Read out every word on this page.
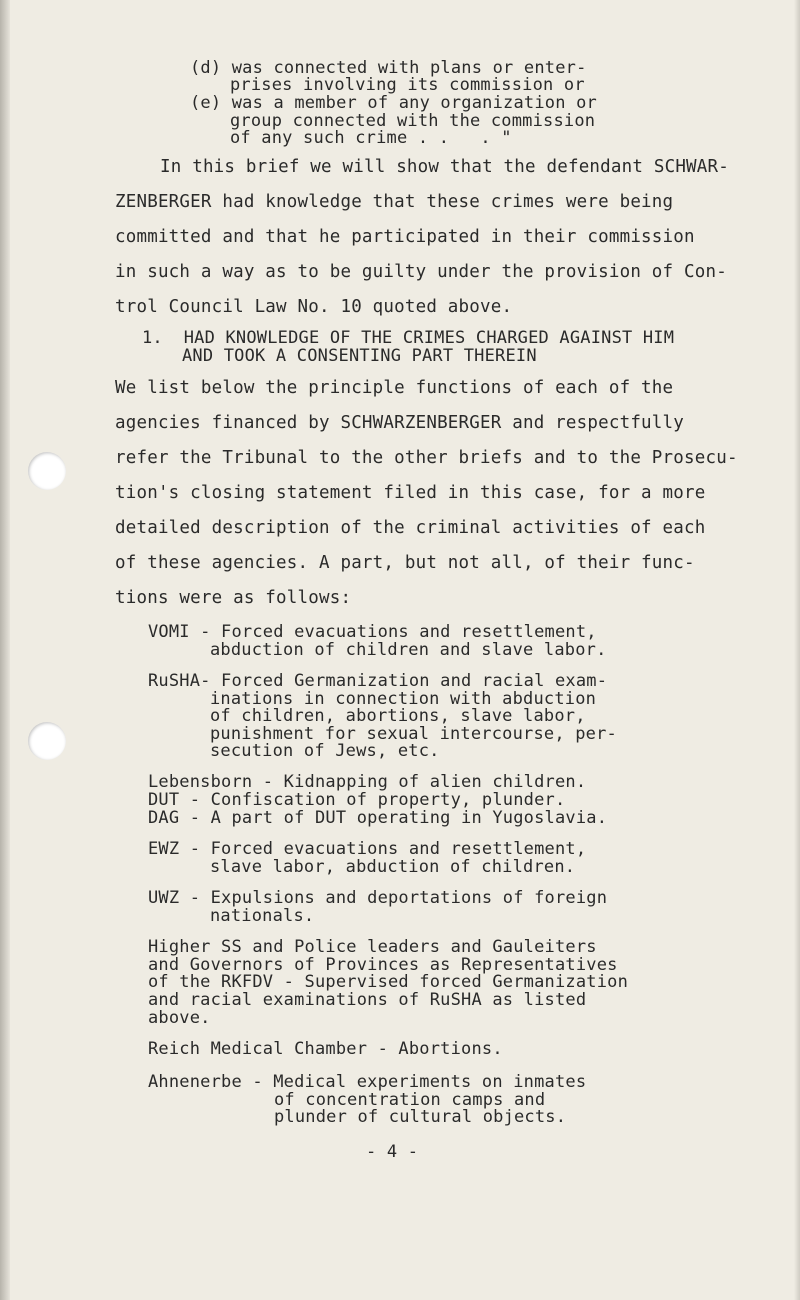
(d) was connected with plans or enter-
prises involving its commission or
(e) was a member of any organization or
group connected with the commission
of any such crime . .   . "
In this brief we will show that the defendant SCHWAR-
ZENBERGER had knowledge that these crimes were being
committed and that he participated in their commission
in such a way as to be guilty under the provision of Con-
trol Council Law No. 10 quoted above.
1.  HAD KNOWLEDGE OF THE CRIMES CHARGED AGAINST HIM
AND TOOK A CONSENTING PART THEREIN
We list below the principle functions of each of the
agencies financed by SCHWARZENBERGER and respectfully
refer the Tribunal to the other briefs and to the Prosecu-
tion's closing statement filed in this case, for a more
detailed description of the criminal activities of each
of these agencies. A part, but not all, of their func-
tions were as follows:
VOMI - Forced evacuations and resettlement,
abduction of children and slave labor.
RuSHA- Forced Germanization and racial exam-
inations in connection with abduction
of children, abortions, slave labor,
punishment for sexual intercourse, per-
secution of Jews, etc.
Lebensborn - Kidnapping of alien children.
DUT - Confiscation of property, plunder.
DAG - A part of DUT operating in Yugoslavia.
EWZ - Forced evacuations and resettlement,
slave labor, abduction of children.
UWZ - Expulsions and deportations of foreign
nationals.
Higher SS and Police leaders and Gauleiters
and Governors of Provinces as Representatives
of the RKFDV - Supervised forced Germanization
and racial examinations of RuSHA as listed
above.
Reich Medical Chamber - Abortions.
Ahnenerbe - Medical experiments on inmates
of concentration camps and
plunder of cultural objects.
- 4 -
